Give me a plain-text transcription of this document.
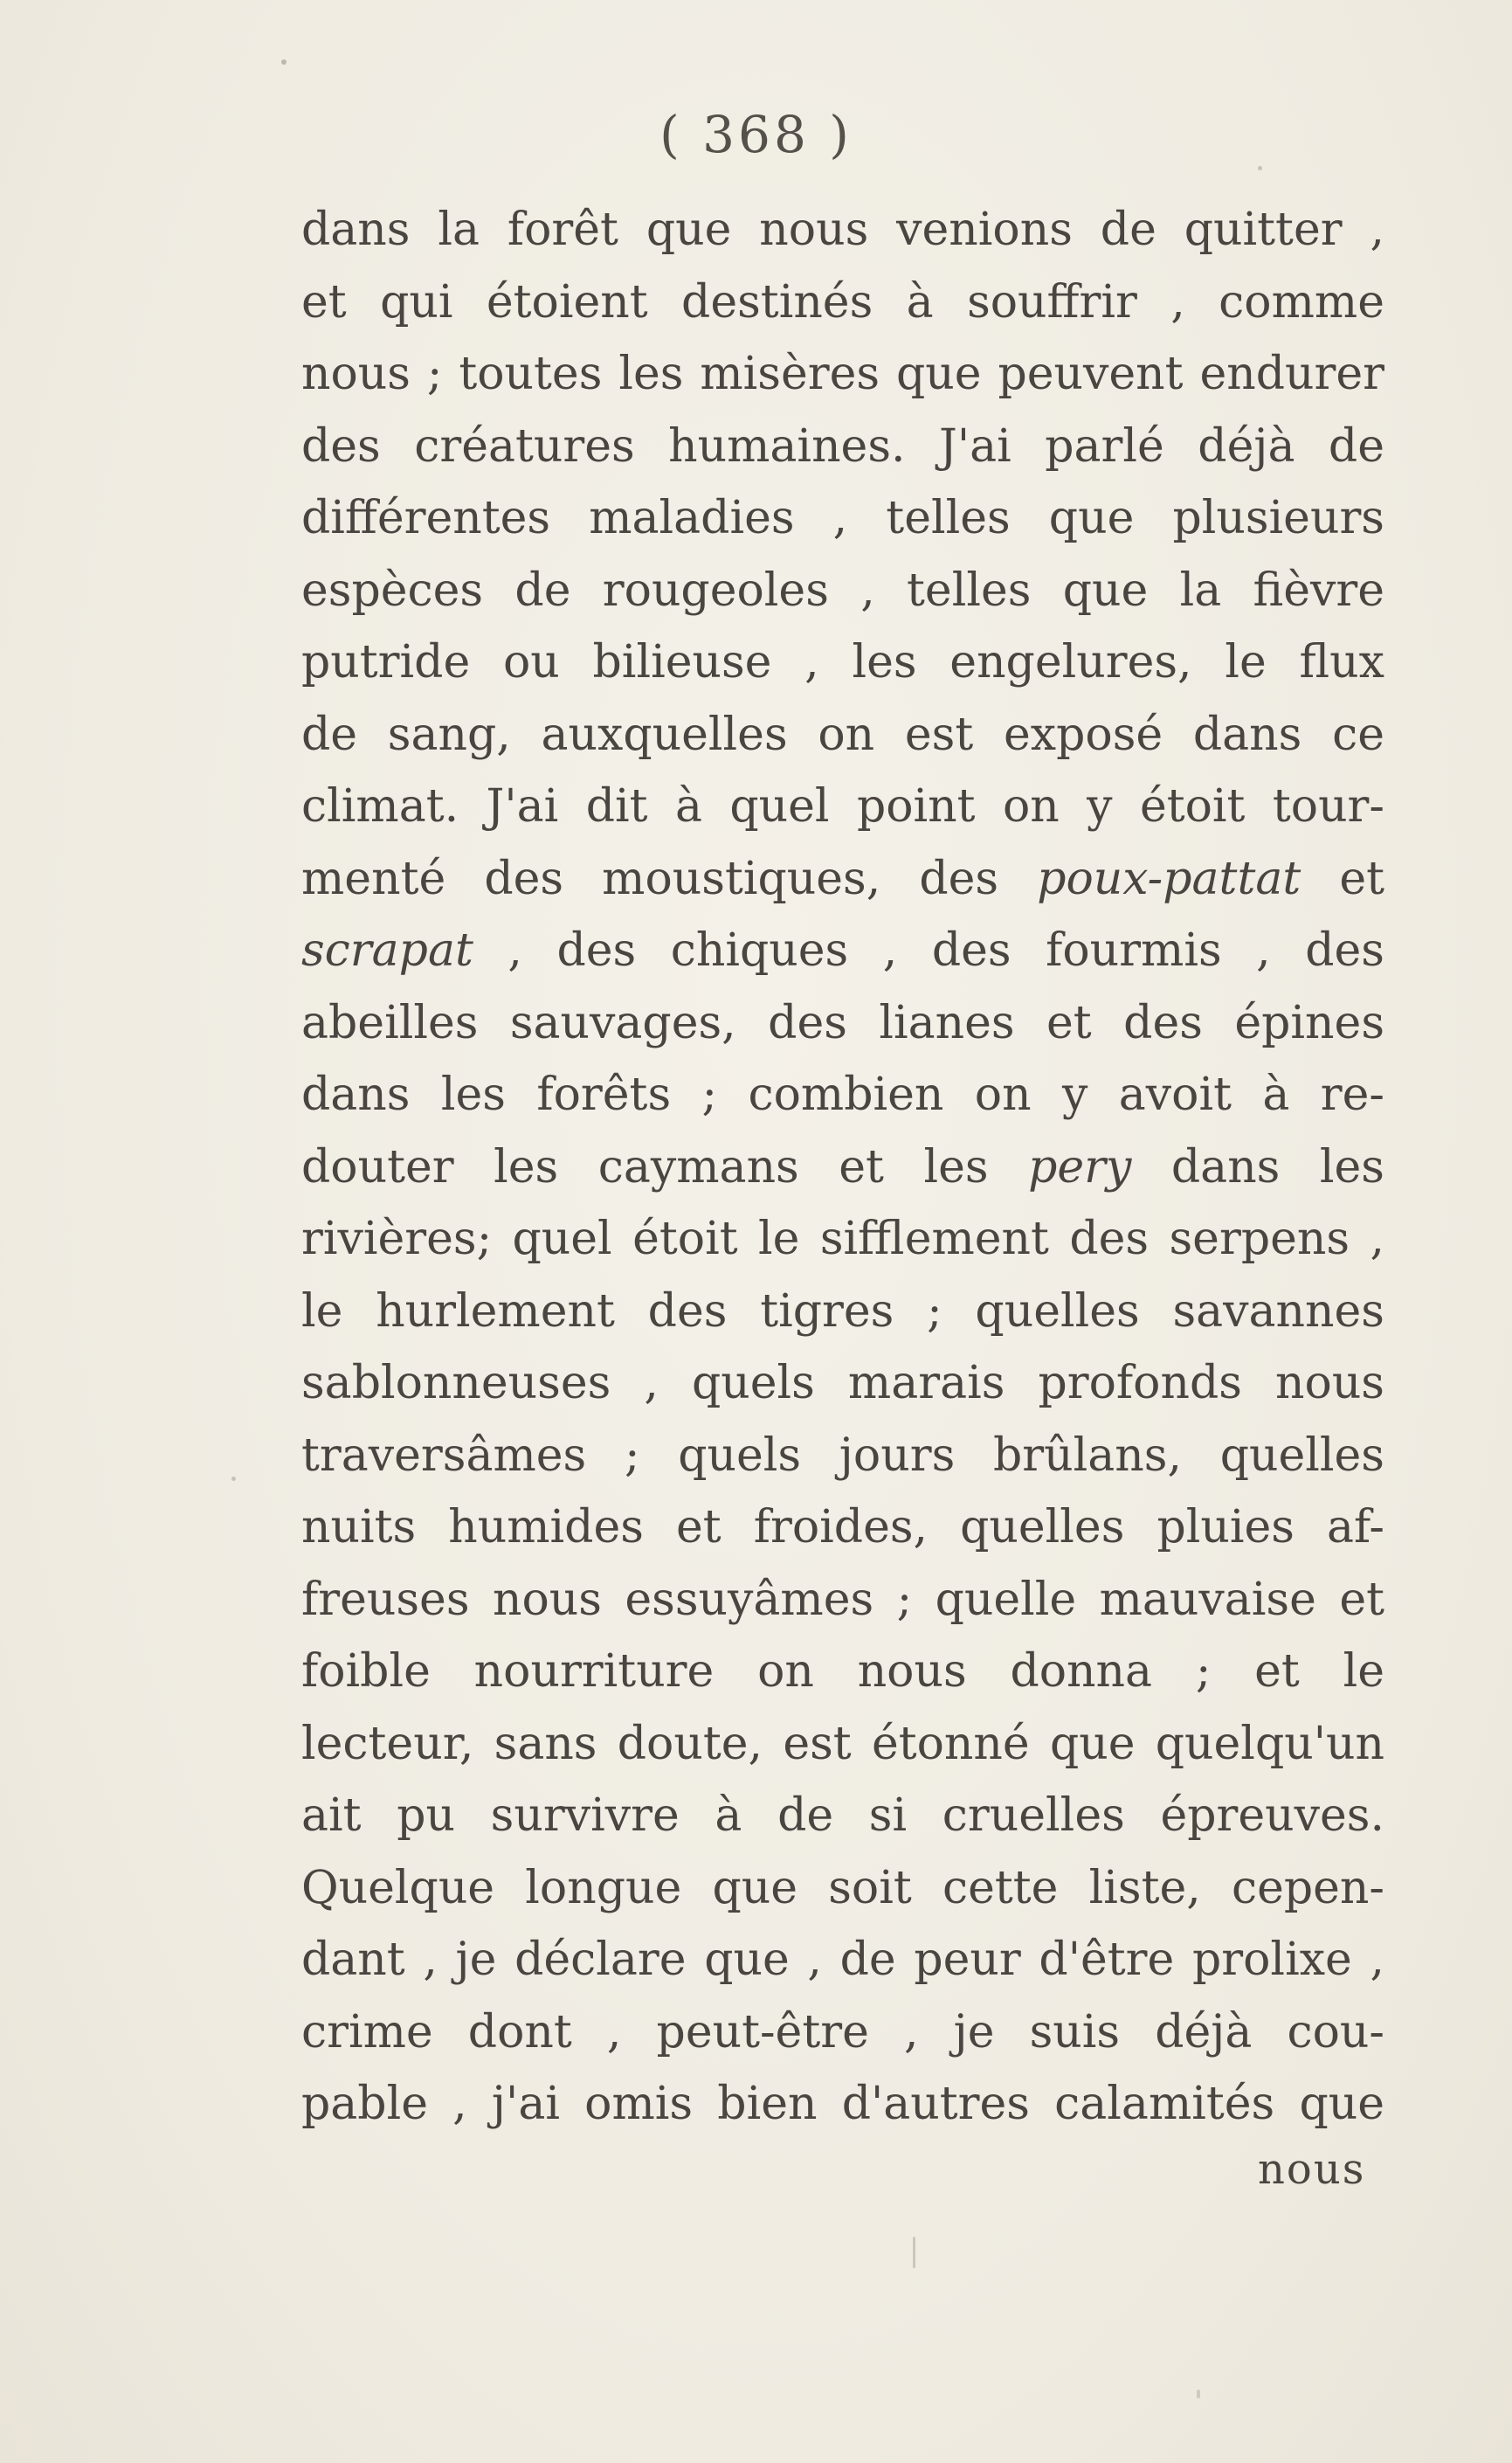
( 368 )
dans la forêt que nous venions de quitter ,
et qui étoient destinés à souffrir , comme
nous ; toutes les misères que peuvent endurer
des créatures humaines. J'ai parlé déjà de
différentes maladies , telles que plusieurs
espèces de rougeoles , telles que la fièvre
putride ou bilieuse , les engelures, le flux
de sang, auxquelles on est exposé dans ce
climat. J'ai dit à quel point on y étoit tour-
menté des moustiques, des poux-pattat et
scrapat , des chiques , des fourmis , des
abeilles sauvages, des lianes et des épines
dans les forêts ; combien on y avoit à re-
douter les caymans et les pery dans les
rivières; quel étoit le sifflement des serpens ,
le hurlement des tigres ; quelles savannes
sablonneuses , quels marais profonds nous
traversâmes ; quels jours brûlans, quelles
nuits humides et froides, quelles pluies af-
freuses nous essuyâmes ; quelle mauvaise et
foible nourriture on nous donna ; et le
lecteur, sans doute, est étonné que quelqu'un
ait pu survivre à de si cruelles épreuves.
Quelque longue que soit cette liste, cepen-
dant , je déclare que , de peur d'être prolixe ,
crime dont , peut-être , je suis déjà cou-
pable , j'ai omis bien d'autres calamités que
nous
